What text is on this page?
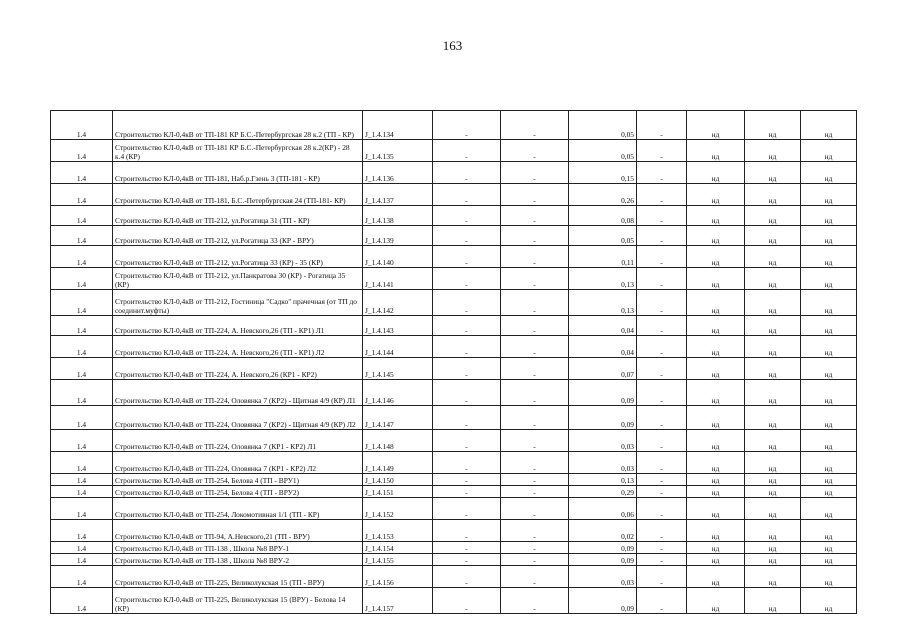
163
1.4	Строительство КЛ-0,4кВ от ТП-181 КР Б.С.-Петербургская 28 к.2 (ТП - КР)	J_1.4.134	-	-	0,05	-	нд	нд	нд
1.4	Строительство КЛ-0,4кВ от ТП-181 КР Б.С.-Петербургская 28 к.2(КР) - 28 к.4 (КР)	J_1.4.135	-	-	0,05	-	нд	нд	нд
1.4	Строительство КЛ-0,4кВ от ТП-181, Наб.р.Гзень 3 (ТП-181 - КР)	J_1.4.136	-	-	0,15	-	нд	нд	нд
1.4	Строительство КЛ-0,4кВ от ТП-181, Б.С.-Петербургская 24 (ТП-181- КР)	J_1.4.137	-	-	0,26	-	нд	нд	нд
1.4	Строительство КЛ-0,4кВ от ТП-212, ул.Рогатица 31 (ТП - КР)	J_1.4.138	-	-	0,08	-	нд	нд	нд
1.4	Строительство КЛ-0,4кВ от ТП-212, ул.Рогатица 33 (КР - ВРУ)	J_1.4.139	-	-	0,05	-	нд	нд	нд
1.4	Строительство КЛ-0,4кВ от ТП-212, ул.Рогатица 33 (КР) - 35 (КР)	J_1.4.140	-	-	0,11	-	нд	нд	нд
1.4	Строительство КЛ-0,4кВ от ТП-212, ул.Панкратова 30 (КР) - Рогатица 35 (КР)	J_1.4.141	-	-	0,13	-	нд	нд	нд
1.4	Строительство КЛ-0,4кВ от ТП-212, Гостиница "Садко" прачечная (от ТП до соединит.муфты)	J_1.4.142	-	-	0,13	-	нд	нд	нд
1.4	Строительство КЛ-0,4кВ от ТП-224, А. Невского,26 (ТП - КР1) Л1	J_1.4.143	-	-	0,04	-	нд	нд	нд
1.4	Строительство КЛ-0,4кВ от ТП-224, А. Невского,26 (ТП - КР1) Л2	J_1.4.144	-	-	0,04	-	нд	нд	нд
1.4	Строительство КЛ-0,4кВ от ТП-224, А. Невского,26 (КР1 - КР2)	J_1.4.145	-	-	0,07	-	нд	нд	нд
1.4	Строительство КЛ-0,4кВ от ТП-224, Оловянка 7 (КР2) - Щитная 4/9 (КР) Л1	J_1.4.146	-	-	0,09	-	нд	нд	нд
1.4	Строительство КЛ-0,4кВ от ТП-224, Оловянка 7 (КР2) - Щитная 4/9 (КР) Л2	J_1.4.147	-	-	0,09	-	нд	нд	нд
1.4	Строительство КЛ-0,4кВ от ТП-224, Оловянка 7 (КР1 - КР2) Л1	J_1.4.148	-	-	0,03	-	нд	нд	нд
1.4	Строительство КЛ-0,4кВ от ТП-224, Оловянка 7 (КР1 - КР2) Л2	J_1.4.149	-	-	0,03	-	нд	нд	нд
1.4	Строительство КЛ-0,4кВ от ТП-254, Белова 4 (ТП - ВРУ1)	J_1.4.150	-	-	0,13	-	нд	нд	нд
1.4	Строительство КЛ-0,4кВ от ТП-254, Белова 4 (ТП - ВРУ2)	J_1.4.151	-	-	0,29	-	нд	нд	нд
1.4	Строительство КЛ-0,4кВ от ТП-254, Локомотивная 1/1 (ТП - КР)	J_1.4.152	-	-	0,06	-	нд	нд	нд
1.4	Строительство КЛ-0,4кВ от ТП-94, А.Невского,21 (ТП - ВРУ)	J_1.4.153	-	-	0,02	-	нд	нд	нд
1.4	Строительство КЛ-0,4кВ от ТП-138 , Школа №8 ВРУ-1	J_1.4.154	-	-	0,09	-	нд	нд	нд
1.4	Строительство КЛ-0,4кВ от ТП-138 , Школа №8 ВРУ-2	J_1.4.155	-	-	0,09	-	нд	нд	нд
1.4	Строительство КЛ-0,4кВ от ТП-225, Великолукская 15 (ТП - ВРУ)	J_1.4.156	-	-	0,03	-	нд	нд	нд
1.4	Строительство КЛ-0,4кВ от ТП-225, Великолукская 15 (ВРУ) - Белова 14 (КР)	J_1.4.157	-	-	0,09	-	нд	нд	нд
